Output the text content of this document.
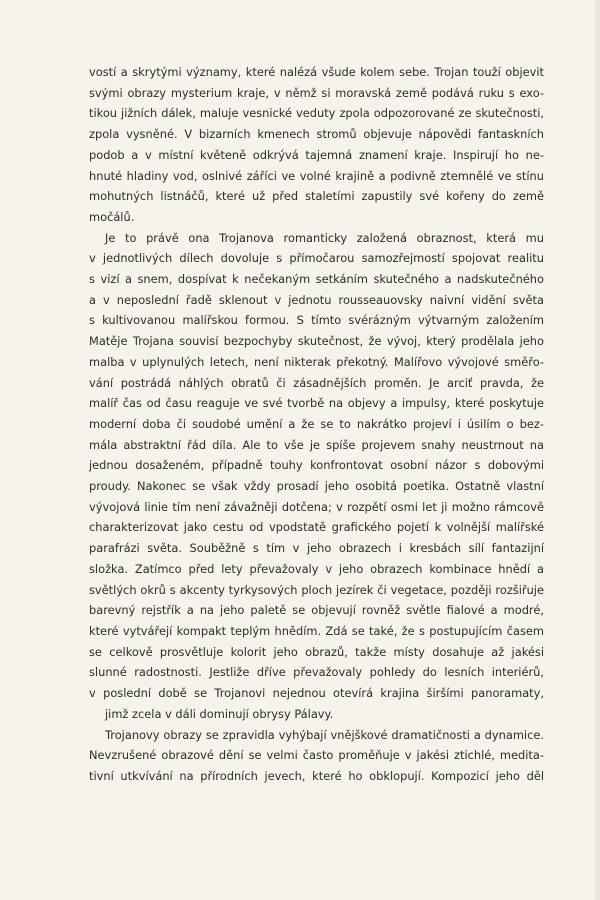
vostí a skrytými významy, které nalézá všude kolem sebe. Trojan touží objevit
svými obrazy mysterium kraje, v němž si moravská země podává ruku s exo-
tikou jižních dálek, maluje vesnické veduty zpola odpozorované ze skutečnosti,
zpola vysněné. V bizarních kmenech stromů objevuje nápovědi fantaskních
podob a v místní květeně odkrývá tajemná znamení kraje. Inspirují ho ne-
hnuté hladiny vod, oslnivé záříci ve volné krajině a podivně ztemnělé ve stínu
mohutných listnáčů, které už před staletími zapustily své kořeny do země
močálů.

Je to právě ona Trojanova romanticky založená obraznost, která mu
v jednotlivých dílech dovoluje s přímočarou samozřejmostí spojovat realitu
s vizí a snem, dospívat k nečekaným setkáním skutečného a nadskutečného
a v neposlední řadě sklenout v jednotu rousseauovsky naivní vidění světa
s kultivovanou malířskou formou. S tímto svérázným výtvarným založením
Matěje Trojana souvisí bezpochyby skutečnost, že vývoj, který prodělala jeho
malba v uplynulých letech, není nikterak překotný. Malířovo vývojové směřo-
vání postrádá náhlých obratů či zásadnějších proměn. Je arciť pravda, že
malíř čas od času reaguje ve své tvorbě na objevy a impulsy, které poskytuje
moderní doba či soudobé umění a že se to nakrátko projeví i úsilím o bez-
málа abstraktní řád díla. Ale to vše je spíše projevem snahy neustrnout na
jednou dosaženém, případně touhy konfrontovat osobní názor s dobovými
proudy. Nakonec se však vždy prosadí jeho osobitá poetika. Ostatně vlastní
vývojová linie tím není závažněji dotčena; v rozpětí osmi let ji možno rámcově
charakterizovat jako cestu od vpodstatě grafického pojetí k volnější malířské
parafrázi světa. Souběžně s tím v jeho obrazech i kresbách sílí fantazijní
složka. Zatímco před lety převažovaly v jeho obrazech kombinace hnědí a
světlých okrů s akcenty tyrkysových ploch jezírek či vegetace, později rozšiřuje
barevný rejstřík a na jeho paletě se objevují rovněž světle fialové a modré,
které vytvářejí kompakt teplým hnědím. Zdá se také, že s postupujícím časem
se celkově prosvětluje kolorit jeho obrazů, takže místy dosahuje až jakési
slunné radostnosti. Jestliže dříve převažovaly pohledy do lesních interiérů,
v poslední době se Trojanovi nejednou otevírá krajina širšími panoramaty,
jimž zcela v dáli dominují obrysy Pálavy.

Trojanovy obrazy se zpravidla vyhýbají vnějškové dramatičnosti a dynamice.
Nevzrušené obrazové dění se velmi často proměňuje v jakési ztichlé, medita-
tivní utkvívání na přírodních jevech, které ho obklopují. Kompozicí jeho děl
